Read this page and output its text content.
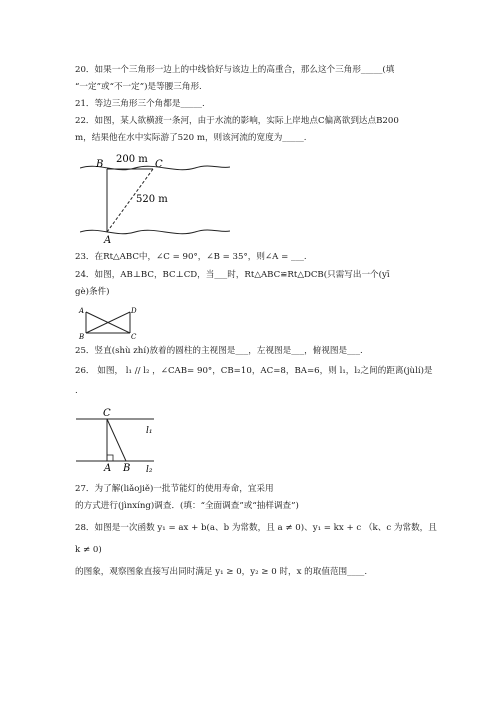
20．如果一个三角形一边上的中线恰好与该边上的高重合，那么这个三角形_____(填
“一定”或“不一定”)是等腰三角形.
21．等边三角形三个角都是_____.
22．如图，某人欲横渡一条河，由于水流的影响，实际上岸地点C偏离欲到达点B200
m，结果他在水中实际游了520 m，则该河流的宽度为_____.
200 m
520 m
B	C
A
23．在Rt△ABC中，∠C = 90°，∠B = 35°，则∠A = ___.
24．如图，AB⊥BC，BC⊥CD，当___时，Rt△ABC≌Rt△DCB(只需写出一个(yī
gè)条件)
A
B
D
C
25．竖直(shù zhí)放着的圆柱的主视图是___，左视图是___，俯视图是___.
26． 如图， l₁ // l₂ ，∠CAB= 90°，CB=10，AC=8，BA=6，则 l₁，l₂之间的距离(jùlí)是
.
C
A B
l₁
l₂
27．为了解(liǎojiě)一批节能灯的使用寿命，宜采用
的方式进行(jìnxíng)调查．(填：“全面调查”或“抽样调查”)
28．如图是一次函数 y₁ = ax + b(a、b 为常数，且 a ≠ 0)、y₁ = kx + c （k、c 为常数，且
k ≠ 0)
的图象，观察图象直接写出同时满足 y₁ ≥ 0，y₂ ≥ 0 时，x 的取值范围____.
